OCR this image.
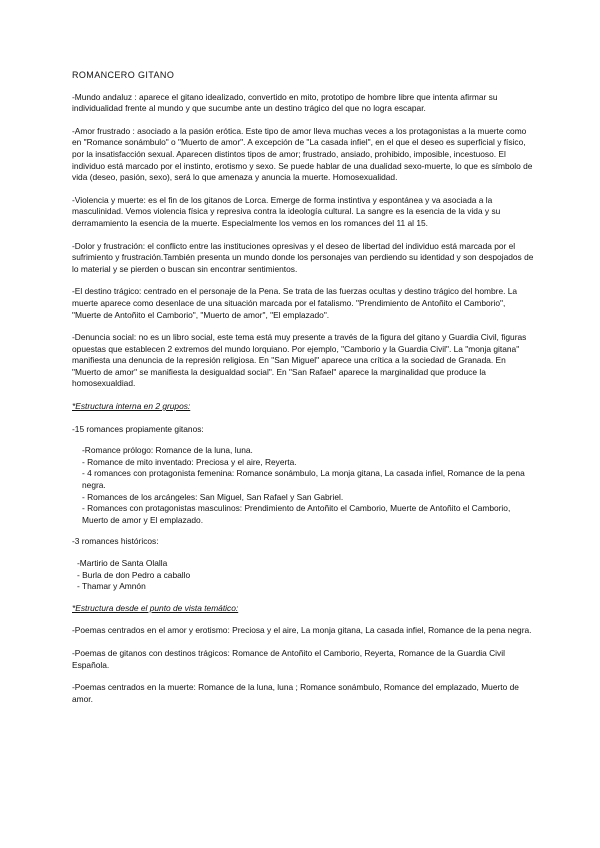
ROMANCERO GITANO

-Mundo andaluz : aparece el gitano idealizado, convertido en mito, prototipo de hombre libre que intenta afirmar su individualidad frente al mundo y que sucumbe ante un destino trágico del que no logra escapar.

-Amor frustrado : asociado a la pasión erótica. Este tipo de amor lleva muchas veces a los protagonistas a la muerte como en "Romance sonámbulo" o "Muerto de amor". A excepción de "La casada infiel", en el que el deseo es superficial y físico, por la insatisfacción sexual. Aparecen distintos tipos de amor; frustrado, ansiado, prohibido, imposible, incestuoso. El individuo está marcado por el instinto, erotismo y sexo. Se puede hablar de una dualidad sexo-muerte, lo que es símbolo de vida (deseo, pasión, sexo), será lo que amenaza y anuncia la muerte. Homosexualidad.

-Violencia y muerte: es el fin de los gitanos de Lorca. Emerge de forma instintiva y espontánea y va asociada a la masculinidad. Vemos violencia física y represiva contra la ideología cultural. La sangre es la esencia de la vida y su derramamiento la esencia de la muerte. Especialmente los vemos en los romances del 11 al 15.

-Dolor y frustración: el conflicto entre las instituciones opresivas y el deseo de libertad del individuo está marcada por el sufrimiento y frustración.También presenta un mundo donde los personajes van perdiendo su identidad y son despojados de lo material y se pierden o buscan sin encontrar sentimientos.

-El destino trágico: centrado en el personaje de la Pena. Se trata de las fuerzas ocultas y destino trágico del hombre. La muerte aparece como desenlace de una situación marcada por el fatalismo. "Prendimiento de Antoñito el Camborio", "Muerte de Antoñito el Camborio", "Muerto de amor", "El emplazado".

-Denuncia social: no es un libro social, este tema está muy presente a través de la figura del gitano y Guardia Civil, figuras opuestas que establecen 2 extremos del mundo lorquiano. Por ejemplo, "Camborio y la Guardia Civil". La "monja gitana" manifiesta una denuncia de la represión religiosa. En "San Miguel" aparece una crítica a la sociedad de Granada. En "Muerto de amor" se manifiesta la desigualdad social". En "San Rafael" aparece la marginalidad que produce la homosexualdiad.

*Estructura interna en 2 grupos:

-15 romances propiamente gitanos:

-Romance prólogo: Romance de la luna, luna.
- Romance de mito inventado: Preciosa y el aire, Reyerta.
- 4 romances con protagonista femenina: Romance sonámbulo, La monja gitana, La casada infiel, Romance de la pena negra.
- Romances de los arcángeles: San Miguel, San Rafael y San Gabriel.
- Romances con protagonistas masculinos: Prendimiento de Antoñito el Camborio, Muerte de Antoñito el Camborio, Muerto de amor y El emplazado.

-3 romances históricos:

-Martirio de Santa Olalla
- Burla de don Pedro a caballo
- Thamar y Amnón

*Estructura desde el punto de vista temático:

-Poemas centrados en el amor y erotismo: Preciosa y el aire, La monja gitana, La casada infiel, Romance de la pena negra.

-Poemas de gitanos con destinos trágicos: Romance de Antoñito el Camborio, Reyerta, Romance de la Guardia Civil Española.

-Poemas centrados en la muerte: Romance de la luna, luna ; Romance sonámbulo, Romance del emplazado, Muerto de amor.
